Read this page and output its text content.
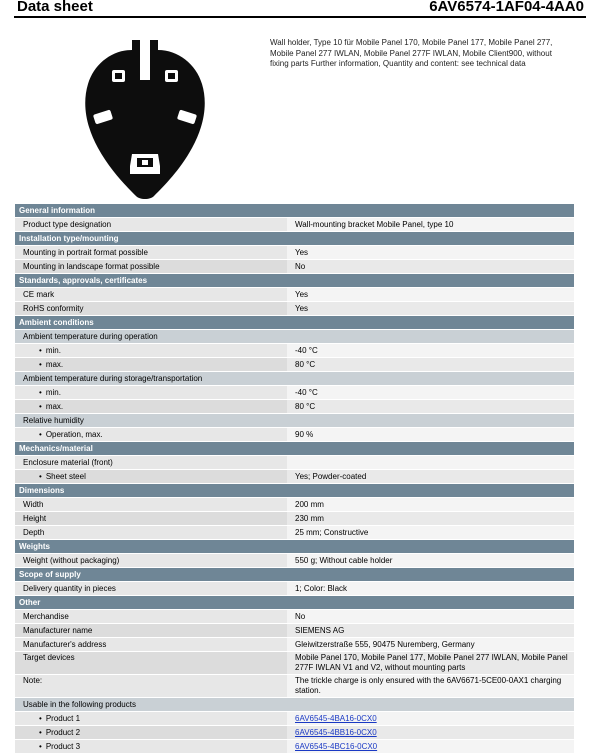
Data sheet	6AV6574-1AF04-4AA0
Wall holder, Type 10 für Mobile Panel 170, Mobile Panel 177, Mobile Panel 277, Mobile Panel 277 IWLAN, Mobile Panel 277F IWLAN, Mobile Client900, without fixing parts Further information, Quantity and content: see technical data
General information	
Product type designation	Wall-mounting bracket Mobile Panel, type 10
Installation type/mounting	
Mounting in portrait format possible	Yes
Mounting in landscape format possible	No
Standards, approvals, certificates	
CE mark	Yes
RoHS conformity	Yes
Ambient conditions	
Ambient temperature during operation	
• min.	-40 °C
• max.	80 °C
Ambient temperature during storage/transportation	
• min.	-40 °C
• max.	80 °C
Relative humidity	
• Operation, max.	90 %
Mechanics/material	
Enclosure material (front)	
• Sheet steel	Yes; Powder-coated
Dimensions	
Width	200 mm
Height	230 mm
Depth	25 mm; Constructive
Weights	
Weight (without packaging)	550 g; Without cable holder
Scope of supply	
Delivery quantity in pieces	1; Color: Black
Other	
Merchandise	No
Manufacturer name	SIEMENS AG
Manufacturer's address	Gleiwitzerstraße 555, 90475 Nuremberg, Germany
Target devices	Mobile Panel 170, Mobile Panel 177, Mobile Panel 277 IWLAN, Mobile Panel 277F IWLAN V1 and V2, without mounting parts
Note:	The trickle charge is only ensured with the 6AV6671-5CE00-0AX1 charging station.
Usable in the following products	
• Product 1	6AV6545-4BA16-0CX0
• Product 2	6AV6545-4BB16-0CX0
• Product 3	6AV6545-4BC16-0CX0
